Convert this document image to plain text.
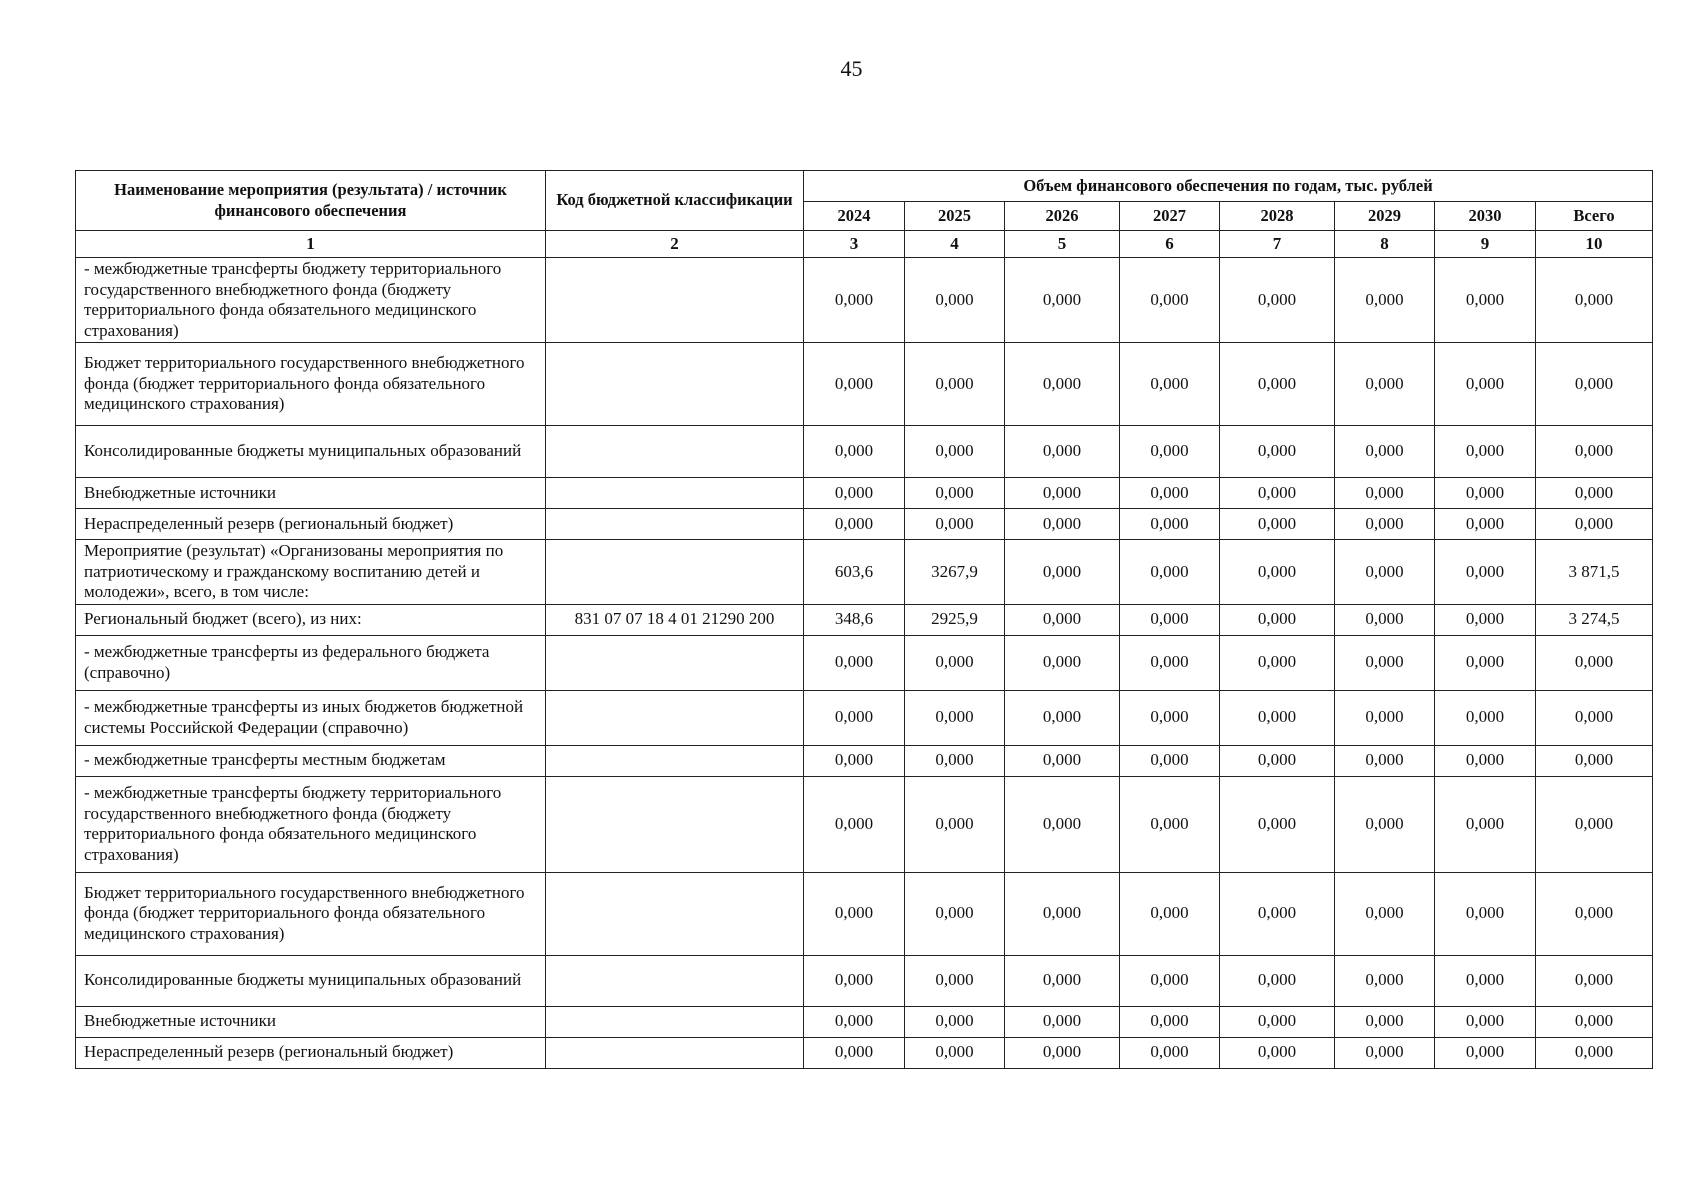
45
Наименование мероприятия (результата) / источник финансового обеспечения	Код бюджетной классификации	Объем финансового обеспечения по годам, тыс. рублей							
		2024	2025	2026	2027	2028	2029	2030	Всего
1	2	3	4	5	6	7	8	9	10
- межбюджетные трансферты бюджету территориального государственного внебюджетного фонда (бюджету территориального фонда обязательного медицинского страхования)		0,000	0,000	0,000	0,000	0,000	0,000	0,000	0,000
Бюджет территориального государственного внебюджетного фонда (бюджет территориального фонда обязательного медицинского страхования)		0,000	0,000	0,000	0,000	0,000	0,000	0,000	0,000
Консолидированные бюджеты муниципальных образований		0,000	0,000	0,000	0,000	0,000	0,000	0,000	0,000
Внебюджетные источники		0,000	0,000	0,000	0,000	0,000	0,000	0,000	0,000
Нераспределенный резерв (региональный бюджет)		0,000	0,000	0,000	0,000	0,000	0,000	0,000	0,000
Мероприятие (результат) «Организованы мероприятия по патриотическому и гражданскому воспитанию детей и молодежи», всего, в том числе:		603,6	3267,9	0,000	0,000	0,000	0,000	0,000	3 871,5
Региональный бюджет (всего), из них:	831 07 07 18 4 01 21290 200	348,6	2925,9	0,000	0,000	0,000	0,000	0,000	3 274,5
- межбюджетные трансферты из федерального бюджета (справочно)		0,000	0,000	0,000	0,000	0,000	0,000	0,000	0,000
- межбюджетные трансферты из иных бюджетов бюджетной системы Российской Федерации (справочно)		0,000	0,000	0,000	0,000	0,000	0,000	0,000	0,000
- межбюджетные трансферты местным бюджетам		0,000	0,000	0,000	0,000	0,000	0,000	0,000	0,000
- межбюджетные трансферты бюджету территориального государственного внебюджетного фонда (бюджету территориального фонда обязательного медицинского страхования)		0,000	0,000	0,000	0,000	0,000	0,000	0,000	0,000
Бюджет территориального государственного внебюджетного фонда (бюджет территориального фонда обязательного медицинского страхования)		0,000	0,000	0,000	0,000	0,000	0,000	0,000	0,000
Консолидированные бюджеты муниципальных образований		0,000	0,000	0,000	0,000	0,000	0,000	0,000	0,000
Внебюджетные источники		0,000	0,000	0,000	0,000	0,000	0,000	0,000	0,000
Нераспределенный резерв (региональный бюджет)		0,000	0,000	0,000	0,000	0,000	0,000	0,000	0,000
